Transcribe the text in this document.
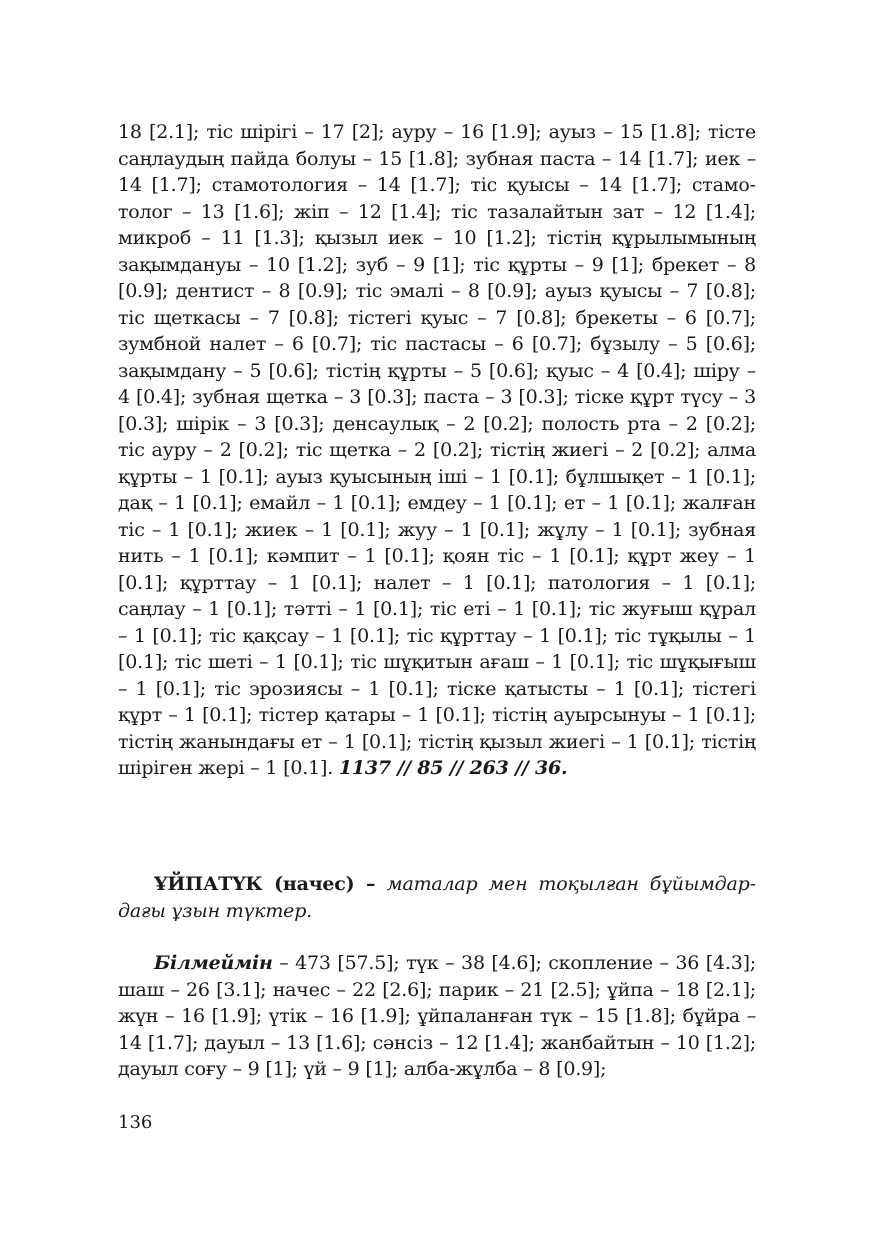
18 [2.1]; тіс шірігі – 17 [2]; ауру – 16 [1.9]; ауыз – 15 [1.8]; тісте саңлаудың пайда болуы – 15 [1.8]; зубная паста – 14 [1.7]; иек – 14 [1.7]; стамотология – 14 [1.7]; тіс қуысы – 14 [1.7]; стамотолог – 13 [1.6]; жіп – 12 [1.4]; тіс тазалайтын зат – 12 [1.4]; микроб – 11 [1.3]; қызыл иек – 10 [1.2]; тістің құрылымының зақымдануы – 10 [1.2]; зуб – 9 [1]; тіс құрты – 9 [1]; брекет – 8 [0.9]; дентист – 8 [0.9]; тіс эмалі – 8 [0.9]; ауыз қуысы – 7 [0.8]; тіс щеткасы – 7 [0.8]; тістегі қуыс – 7 [0.8]; брекеты – 6 [0.7]; зумбной налет – 6 [0.7]; тіс пастасы – 6 [0.7]; бұзылу – 5 [0.6]; зақымдану – 5 [0.6]; тістің құрты – 5 [0.6]; қуыс – 4 [0.4]; шіру – 4 [0.4]; зубная щетка – 3 [0.3]; паста – 3 [0.3]; тіске құрт түсу – 3 [0.3]; шірік – 3 [0.3]; денсаулық – 2 [0.2]; полость рта – 2 [0.2]; тіс ауру – 2 [0.2]; тіс щетка – 2 [0.2]; тістің жиегі – 2 [0.2]; алма құрты – 1 [0.1]; ауыз қуысының іші – 1 [0.1]; бұлшықет – 1 [0.1]; дақ – 1 [0.1]; емайл – 1 [0.1]; емдеу – 1 [0.1]; ет – 1 [0.1]; жалған тіс – 1 [0.1]; жиек – 1 [0.1]; жуу – 1 [0.1]; жұлу – 1 [0.1]; зубная нить – 1 [0.1]; кәмпит – 1 [0.1]; қоян тіс – 1 [0.1]; құрт жеу – 1 [0.1]; құрттау – 1 [0.1]; налет – 1 [0.1]; патология – 1 [0.1]; саңлау – 1 [0.1]; тәтті – 1 [0.1]; тіс еті – 1 [0.1]; тіс жуғыш құрал – 1 [0.1]; тіс қақсау – 1 [0.1]; тіс құрттау – 1 [0.1]; тіс тұқылы – 1 [0.1]; тіс шеті – 1 [0.1]; тіс шұқитын ағаш – 1 [0.1]; тіс шұқығыш – 1 [0.1]; тіс эрозиясы – 1 [0.1]; тіске қатысты – 1 [0.1]; тістегі құрт – 1 [0.1]; тістер қатары – 1 [0.1]; тістің ауырсынуы – 1 [0.1]; тістің жанындағы ет – 1 [0.1]; тістің қызыл жиегі – 1 [0.1]; тістің шіріген жері – 1 [0.1]. 1137 // 85 // 263 // 36.

ҰЙПАТҮК (начес) – маталар мен тоқылған бұйымдардағы ұзын түктер.

Білмеймін – 473 [57.5]; түк – 38 [4.6]; скопление – 36 [4.3]; шаш – 26 [3.1]; начес – 22 [2.6]; парик – 21 [2.5]; ұйпа – 18 [2.1]; жүн – 16 [1.9]; үтік – 16 [1.9]; ұйпаланған түк – 15 [1.8]; бұйра – 14 [1.7]; дауыл – 13 [1.6]; сәнсіз – 12 [1.4]; жанбайтын – 10 [1.2]; дауыл соғу – 9 [1]; үй – 9 [1]; алба-жұлба – 8 [0.9];

136
